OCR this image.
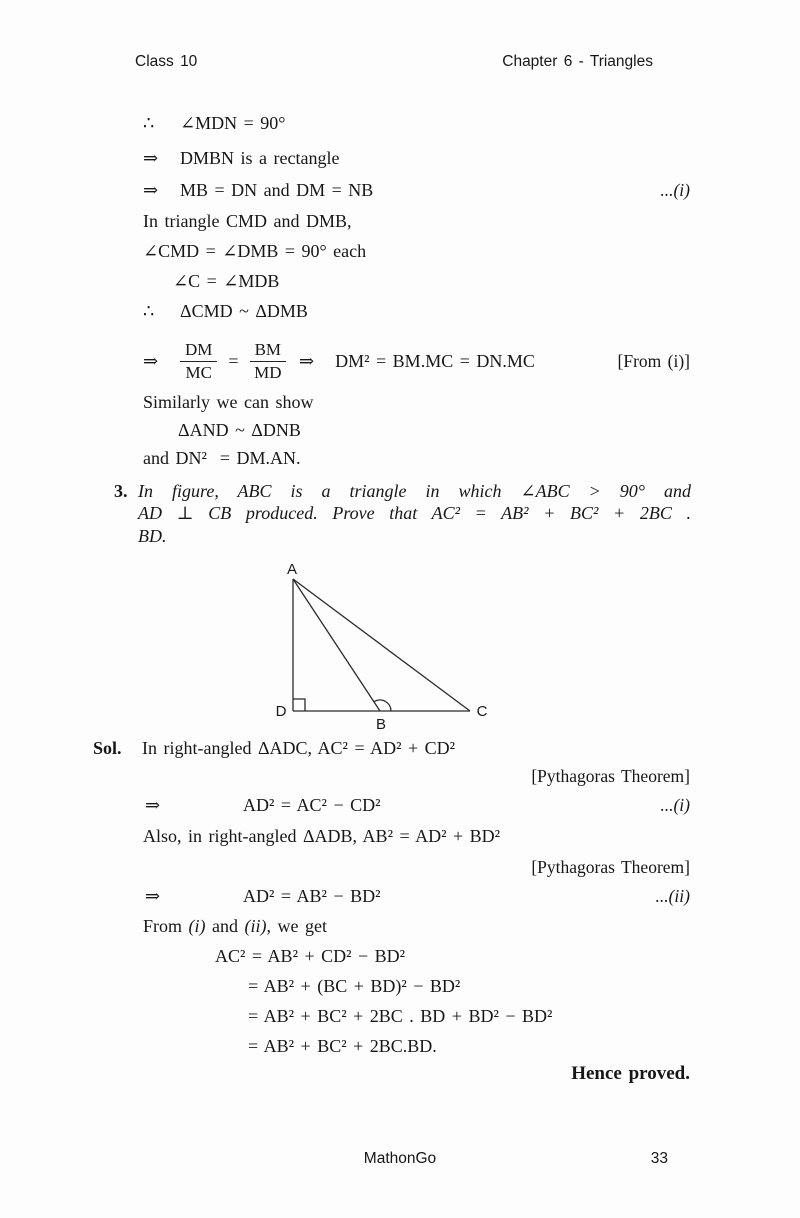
Class 10	Chapter 6 - Triangles
∴ ∠MDN = 90°
⇒ DMBN is a rectangle
⇒ MB = DN and DM = NB	...(i)
In triangle CMD and DMB,
∠CMD = ∠DMB = 90° each
∠C = ∠MDB
∴ ΔCMD ~ ΔDMB
⇒	$\frac{DM}{MC} = \frac{BM}{MD}$ ⇒ DM² = BM.MC = DN.MC	[From (i)]
Similarly we can show
ΔAND ~ ΔDNB
and DN²  = DM.AN.
3. In figure, ABC is a triangle in which ∠ABC > 90° and
AD ⊥ CB produced. Prove that AC² = AB² + BC² + 2BC .
BD.
A
D
B
C
Sol. In right-angled ΔADC, AC² = AD² + CD²
[Pythagoras Theorem]
⇒	AD² = AC² − CD²	...(i)
Also, in right-angled ΔADB, AB² = AD² + BD²
[Pythagoras Theorem]
⇒	AD² = AB² − BD²	...(ii)
From (i) and (ii), we get
AC² = AB² + CD² − BD²
= AB² + (BC + BD)² − BD²
= AB² + BC² + 2BC . BD + BD² − BD²
= AB² + BC² + 2BC.BD.
Hence proved.
MathonGo	33
